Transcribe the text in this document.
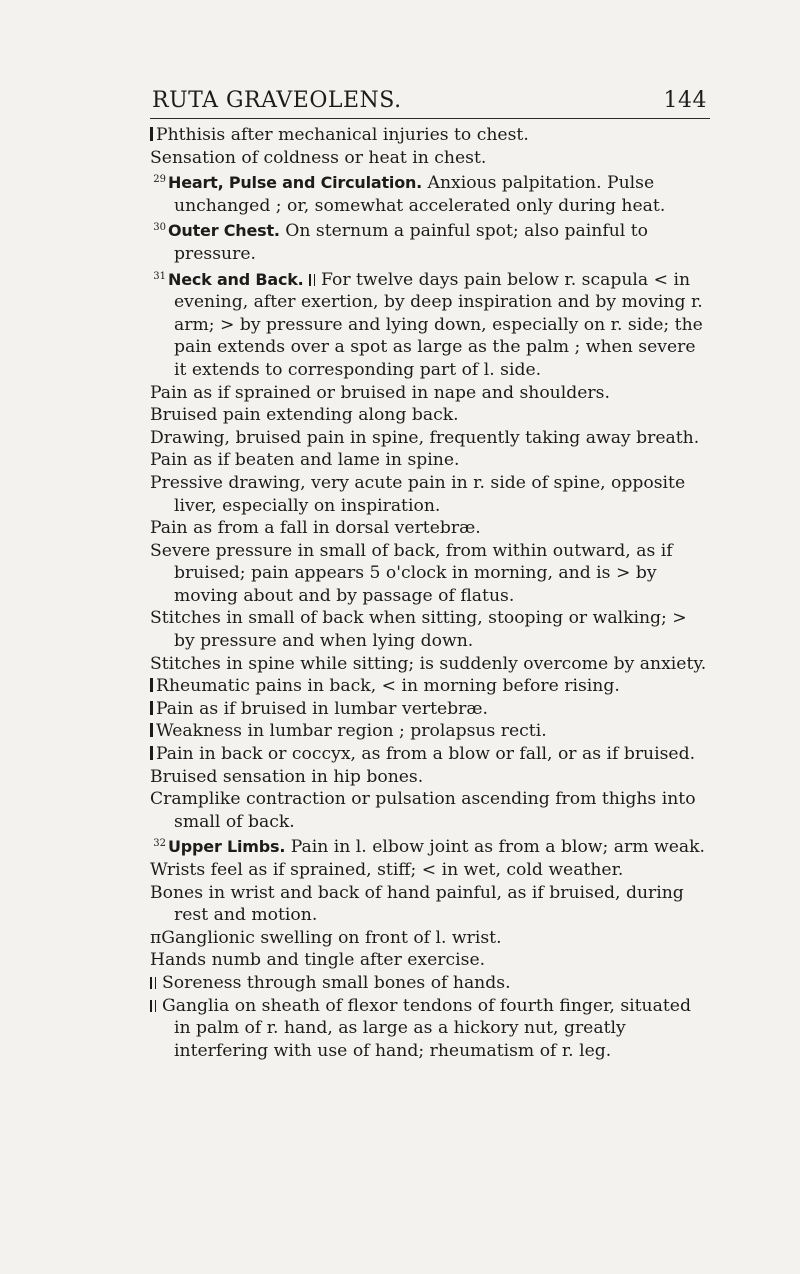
RUTA GRAVEOLENS.	144
Phthisis after mechanical injuries to chest.
Sensation of coldness or heat in chest.
29 Heart, Pulse and Circulation. Anxious palpitation. Pulse unchanged ; or, somewhat accelerated only during heat.
30 Outer Chest. On sternum a painful spot; also painful to pressure.
31 Neck and Back. For twelve days pain below r. scapula < in evening, after exertion, by deep inspiration and by moving r. arm; > by pressure and lying down, especially on r. side; the pain extends over a spot as large as the palm ; when severe it extends to corresponding part of l. side.
Pain as if sprained or bruised in nape and shoulders.
Bruised pain extending along back.
Drawing, bruised pain in spine, frequently taking away breath.
Pain as if beaten and lame in spine.
Pressive drawing, very acute pain in r. side of spine, opposite liver, especially on inspiration.
Pain as from a fall in dorsal vertebræ.
Severe pressure in small of back, from within outward, as if bruised; pain appears 5 o'clock in morning, and is > by moving about and by passage of flatus.
Stitches in small of back when sitting, stooping or walking; > by pressure and when lying down.
Stitches in spine while sitting; is suddenly overcome by anxiety.
Rheumatic pains in back, < in morning before rising.
Pain as if bruised in lumbar vertebræ.
Weakness in lumbar region ; prolapsus recti.
Pain in back or coccyx, as from a blow or fall, or as if bruised.
Bruised sensation in hip bones.
Cramplike contraction or pulsation ascending from thighs into small of back.
32 Upper Limbs. Pain in l. elbow joint as from a blow; arm weak.
Wrists feel as if sprained, stiff; < in wet, cold weather.
Bones in wrist and back of hand painful, as if bruised, during rest and motion.
πGanglionic swelling on front of l. wrist.
Hands numb and tingle after exercise.
Soreness through small bones of hands.
Ganglia on sheath of flexor tendons of fourth finger, situated in palm of r. hand, as large as a hickory nut, greatly interfering with use of hand; rheumatism of r. leg.
